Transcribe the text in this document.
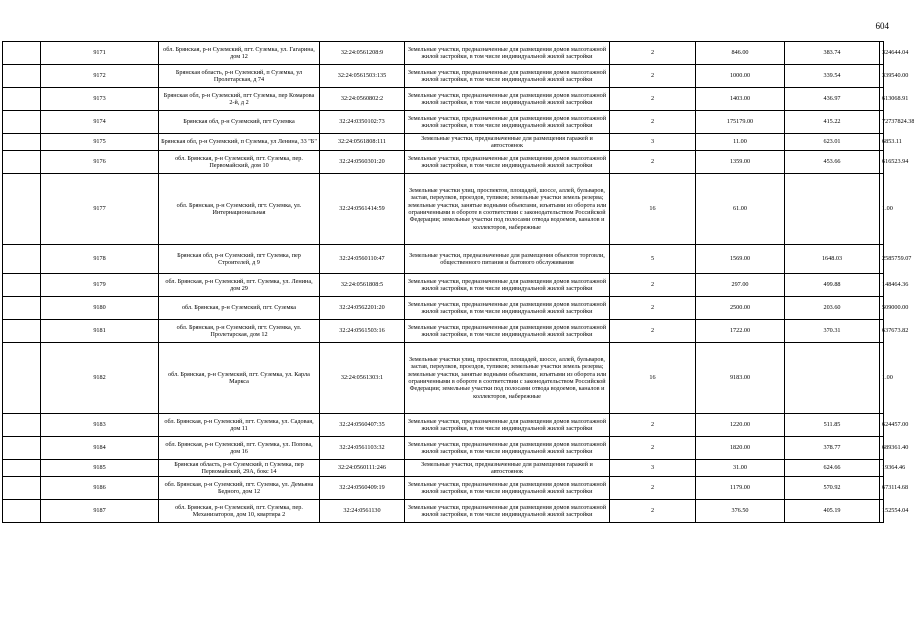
604
	9171	обл. Брянская, р-н Суземский, пгт. Суземка, ул. Гагарина, дом 12	32:24:0561208:9	Земельные участки, предназначенные для размещения домов малоэтажной жилой застройки, в том числе индивидуальной жилой застройки	2	846.00	383.74	324644.04
	9172	Брянская область, р-н Суземский, п Суземка, ул Пролетарская, д 74	32:24:0561503:135	Земельные участки, предназначенные для размещения домов малоэтажной жилой застройки, в том числе индивидуальной жилой застройки	2	1000.00	339.54	339540.00
	9173	Брянская обл, р-н Суземский, пгт Суземка, пер Комарова 2-й, д 2	32:24:0560802:2	Земельные участки, предназначенные для размещения домов малоэтажной жилой застройки, в том числе индивидуальной жилой застройки	2	1403.00	436.97	613068.91
	9174	Брянская обл, р-н Суземский, пгт Суземка	32:24:0350102:73	Земельные участки, предназначенные для размещения домов малоэтажной жилой застройки, в том числе индивидуальной жилой застройки	2	175179.00	415.22	72737824.38
	9175	Брянская обл, р-н Суземский, п Суземка, ул Ленина, 33 "Б"	32:24:0561808:111	Земельные участки, предназначенные для размещения гаражей и автостоянок	3	11.00	623.01	6853.11
	9176	обл. Брянская, р-н Суземский, пгт. Суземка, пер. Первомайский, дом 10	32:24:0560301:20	Земельные участки, предназначенные для размещения домов малоэтажной жилой застройки, в том числе индивидуальной жилой застройки	2	1359.00	453.66	616523.94
	9177	обл. Брянская, р-н Суземский, пгт. Суземка, ул. Интернациональная	32:24:0561414:59	Земельные участки улиц, проспектов, площадей, шоссе, аллей, бульваров, застав, переулков, проездов, тупиков; земельные участки земель резерва; земельные участки, занятые водными объектами, изъятыми из оборота или ограниченными в обороте в соответствии с законодательством Российской Федерации; земельные участки под полосами отвода водоемов, каналов и коллекторов, набережные	16	61.00		1.00
	9178	Брянская обл, р-н Суземский, пгт Суземка, пер Строителей, д 9	32:24:0560110:47	Земельные участки, предназначенные для размещения объектов торговли, общественного питания и бытового обслуживания	5	1569.00	1648.03	2585759.07
	9179	обл. Брянская, р-н Суземский, пгт. Суземка, ул. Ленина, дом 29	32:24:0561808:5	Земельные участки, предназначенные для размещения домов малоэтажной жилой застройки, в том числе индивидуальной жилой застройки	2	297.00	499.88	148464.36
	9180	обл. Брянская, р-н Суземский, пгт. Суземка	32:24:0562201:20	Земельные участки, предназначенные для размещения домов малоэтажной жилой застройки, в том числе индивидуальной жилой застройки	2	2500.00	203.60	509000.00
	9181	обл. Брянская, р-н Суземский, пгт. Суземка, ул. Пролетарская, дом 12	32:24:0561503:16	Земельные участки, предназначенные для размещения домов малоэтажной жилой застройки, в том числе индивидуальной жилой застройки	2	1722.00	370.31	637673.82
	9182	обл. Брянская, р-н Суземский, пгт. Суземка, ул. Карла Маркса	32:24:0561303:1	Земельные участки улиц, проспектов, площадей, шоссе, аллей, бульваров, застав, переулков, проездов, тупиков; земельные участки земель резерва; земельные участки, занятые водными объектами, изъятыми из оборота или ограниченными в обороте в соответствии с законодательством Российской Федерации; земельные участки под полосами отвода водоемов, каналов и коллекторов, набережные	16	9183.00		1.00
	9183	обл. Брянская, р-н Суземский, пгт. Суземка, ул. Садовая, дом 11	32:24:0560407:35	Земельные участки, предназначенные для размещения домов малоэтажной жилой застройки, в том числе индивидуальной жилой застройки	2	1220.00	511.85	624457.00
	9184	обл. Брянская, р-н Суземский, пгт. Суземка, ул. Попова, дом 16	32:24:0561103:32	Земельные участки, предназначенные для размещения домов малоэтажной жилой застройки, в том числе индивидуальной жилой застройки	2	1820.00	378.77	689361.40
	9185	Брянская область, р-н Суземский, п Суземка, пер Первомайский, 29А, бокс 14	32:24:0560111:246	Земельные участки, предназначенные для размещения гаражей и автостоянок	3	31.00	624.66	19364.46
	9186	обл. Брянская, р-н Суземский, пгт. Суземка, ул. Демьяна Бедного, дом 12	32:24:0560409:19	Земельные участки, предназначенные для размещения домов малоэтажной жилой застройки, в том числе индивидуальной жилой застройки	2	1179.00	570.92	673114.68
	9187	обл. Брянская, р-н Суземский, пгт. Суземка, пер. Механизаторов, дом 10, квартира 2	32:24:0561130	Земельные участки, предназначенные для размещения домов малоэтажной жилой застройки, в том числе индивидуальной жилой застройки	2	376.50	405.19	152554.04
